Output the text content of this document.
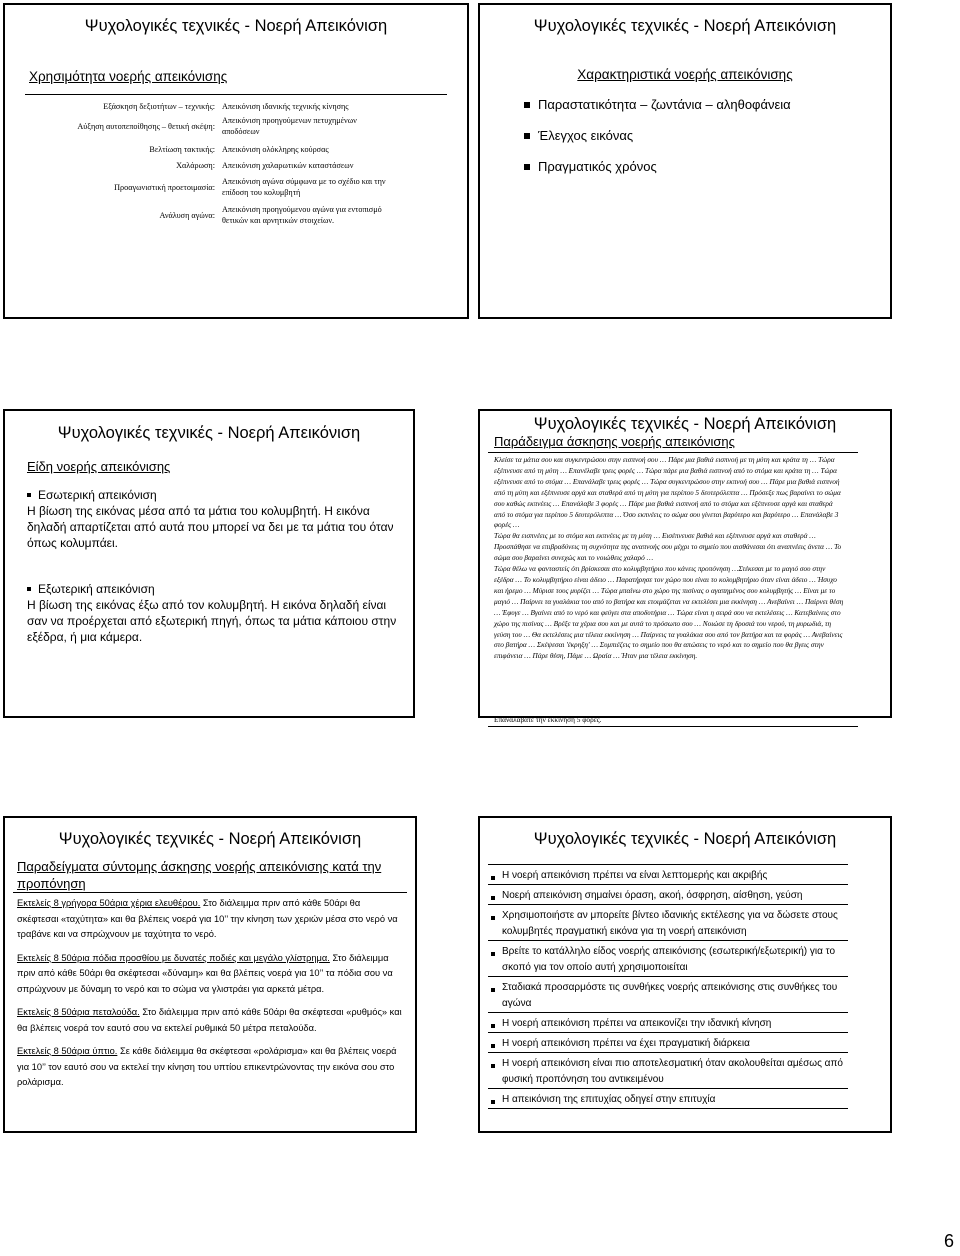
Ψυχολογικές τεχνικές - Νοερή Απεικόνιση
Χρησιμότητα νοερής απεικόνισης
Εξάσκηση δεξιοτήτων – τεχνικής: Απεικόνιση ιδανικής τεχνικής κίνησης
Αύξηση αυτοπεποίθησης – θετική σκέψη:
Απεικόνιση προηγούμενων πετυχημένων αποδόσεων
Βελτίωση τακτικής: Απεικόνιση ολόκληρης κούρσας
Χαλάρωση: Απεικόνιση χαλαρωτικών καταστάσεων
Προαγωνιστική προετοιμασία:
Απεικόνιση αγώνα σύμφωνα με το σχέδιο και την επίδοση του κολυμβητή
Ανάλυση αγώνα:
Απεικόνιση προηγούμενου αγώνα για εντοπισμό θετικών και αρνητικών στοιχείων.
Ψυχολογικές τεχνικές - Νοερή Απεικόνιση
Χαρακτηριστικά νοερής απεικόνισης
Παραστατικότητα – ζωντάνια – αληθοφάνεια
Έλεγχος εικόνας
Πραγματικός χρόνος
Ψυχολογικές τεχνικές - Νοερή Απεικόνιση
Είδη νοερής απεικόνισης
Εσωτερική απεικόνιση

Η βίωση της εικόνας μέσα από τα μάτια του κολυμβητή. Η εικόνα δηλαδή απαρτίζεται από αυτά που μπορεί να δει με τα μάτια του όταν όπως κολυμπάει.

Εξωτερική απεικόνιση

Η βίωση της εικόνας έξω από τον κολυμβητή. Η εικόνα δηλαδή είναι σαν να προέρχεται από εξωτερική πηγή, όπως τα μάτια κάποιου στην εξέδρα, ή μια κάμερα.

Ψυχολογικές τεχνικές - Νοερή Απεικόνιση
Παράδειγμα άσκησης νοερής απεικόνισης
Κλείσε τα μάτια σου και συγκεντρώσου στην εισπνοή σου … Πάρε μια βαθιά εισπνοή με τη μύτη και κράτα τη … Τώρα εξέπνευσε από τη μύτη … Επανέλαβε τρεις φορές … Τώρα πάρε μια βαθιά εισπνοή από το στόμα και κράτα τη … Τώρα εξέπνευσε από το στόμα … Επανάλαβε τρεις φορές … Τώρα συγκεντρώσου στην εκπνοή σου … Πάρε μια βαθιά εισπνοή από τη μύτη και εξέπνευσε αργά και σταθερά από τη μύτη για περίπου 5 δευτερόλεπτα … Πρόσεξε πως βαραίνει το σώμα σου καθώς εκπνέεις … Επανάλαβε 3 φορές … Πάρε μια βαθιά εισπνοή από το στόμα και εξέπνευσε αργά και σταθερά από το στόμα για περίπου 5 δευτερόλεπτα … Όσο εκπνέεις το σώμα σου γίνεται βαρύτερο και βαρύτερο … Επανάλαβε 3 φορές …
Τώρα θα εισπνέεις με το στόμα και εκπνέεις με τη μύτη … Εισέπνευσε βαθιά και εξέπνευσε αργά και σταθερά … Προσπάθησε να επιβραδύνεις τη συχνότητα της αναπνοής σου μέχρι το σημείο που αισθάνεσαι ότι αναπνέεις άνετα … Το σώμα σου βαραίνει συνεχώς και το νοιώθεις χαλαρό …
Τώρα θέλω να φανταστείς ότι βρίσκεσαι στο κολυμβητήριο που κάνεις προπόνηση …Στέκεσαι με το μαγιό σου στην εξέδρα … Το κολυμβητήριο είναι άδειο … Παρατήρησε τον χώρο που είναι το κολυμβητήριο όταν είναι άδειο … Ήσυχο και ήρεμο … Μύρισε τους μυρίζει … Τώρα μπαίνω στο χώρο της πισίνας ο αγαπημένος σου κολυμβητής … Είναι με το μαγιό … Παίρνει τα γυαλάκια του από το βατήρα και ετοιμάζεται να εκτελέσει μια εκκίνηση … Ανεβαίνει … Παίρνει θέση … Έφυγε … Βγαίνει από το νερό και φεύγει στα αποδυτήρια … Τώρα είναι η σειρά σου να εκτελέσεις … Κατεβαίνεις στο χώρο της πισίνας … Βρέξε τα χέρια σου και με αυτά το πρόσωπο σου … Νοιώσε τη δροσιά του νερού, τη μυρωδιά, τη γεύση του … Θα εκτελέσεις μια τέλεια εκκίνηση … Παίρνεις τα γυαλάκια σου από τον βατήρα και τα φοράς … Ανεβαίνεις στο βατήρα … Σκέψεσαι 'έκρηξη' … Συμπιέζεις το σημείο που θα απώσεις το νερό και το σημείο που θα βγεις στην επιφάνεια … Πάρε θέση, Πάμε … Ωραία … Ήταν μια τέλεια εκκίνηση.
Επαναλάβατε την εκκίνηση 5 φορές.
Ψυχολογικές τεχνικές - Νοερή Απεικόνιση
Παραδείγματα σύντομης άσκησης νοερής απεικόνισης κατά την προπόνηση

Εκτελείς 8 γρήγορα 50άρια χέρια ελευθέρου. Στο διάλειμμα πριν από κάθε 50άρι θα σκέφτεσαι «ταχύτητα» και θα βλέπεις νοερά για 10’’ την κίνηση των χεριών μέσα στο νερό να τραβάνε και να σπρώχνουν με ταχύτητα το νερό.

Εκτελείς 8 50άρια πόδια προσθίου με δυνατές ποδιές και μεγάλο γλίστρημα. Στο διάλειμμα πριν από κάθε 50άρι θα σκέφτεσαι «δύναμη» και θα βλέπεις νοερά για 10’’ τα πόδια σου να σπρώχνουν με δύναμη το νερό και το σώμα να γλιστράει για αρκετά μέτρα.

Εκτελείς 8 50άρια πεταλούδα. Στο διάλειμμα πριν από κάθε 50άρι θα σκέφτεσαι «ρυθμός» και θα βλέπεις νοερά τον εαυτό σου να εκτελεί ρυθμικά 50 μέτρα πεταλούδα.

Εκτελείς 8 50άρια ύπτιο. Σε κάθε διάλειμμα θα σκέφτεσαι «ρολάρισμα» και θα βλέπεις νοερά για 10’’ τον εαυτό σου να εκτελεί την κίνηση του υπτίου επικεντρώνοντας την εικόνα σου στο ρολάρισμα.

Ψυχολογικές τεχνικές - Νοερή Απεικόνιση
Η νοερή απεικόνιση πρέπει να είναι λεπτομερής και ακριβής
Νοερή απεικόνιση σημαίνει όραση, ακοή, όσφρηση, αίσθηση, γεύση
Χρησιμοποιήστε αν μπορείτε βίντεο ιδανικής εκτέλεσης για να δώσετε στους κολυμβητές πραγματική εικόνα για τη νοερή απεικόνιση
Βρείτε το κατάλληλο είδος νοερής απεικόνισης (εσωτερική/εξωτερική) για το σκοπό για τον οποίο αυτή χρησιμοποιείται
Σταδιακά προσαρμόστε τις συνθήκες νοερής απεικόνισης στις συνθήκες του αγώνα
Η νοερή απεικόνιση πρέπει να απεικονίζει την ιδανική κίνηση
Η νοερή απεικόνιση πρέπει να έχει πραγματική διάρκεια
Η νοερή απεικόνιση είναι πιο αποτελεσματική όταν ακολουθείται αμέσως από φυσική προπόνηση του αντικειμένου
Η απεικόνιση της επιτυχίας οδηγεί στην επιτυχία
6
